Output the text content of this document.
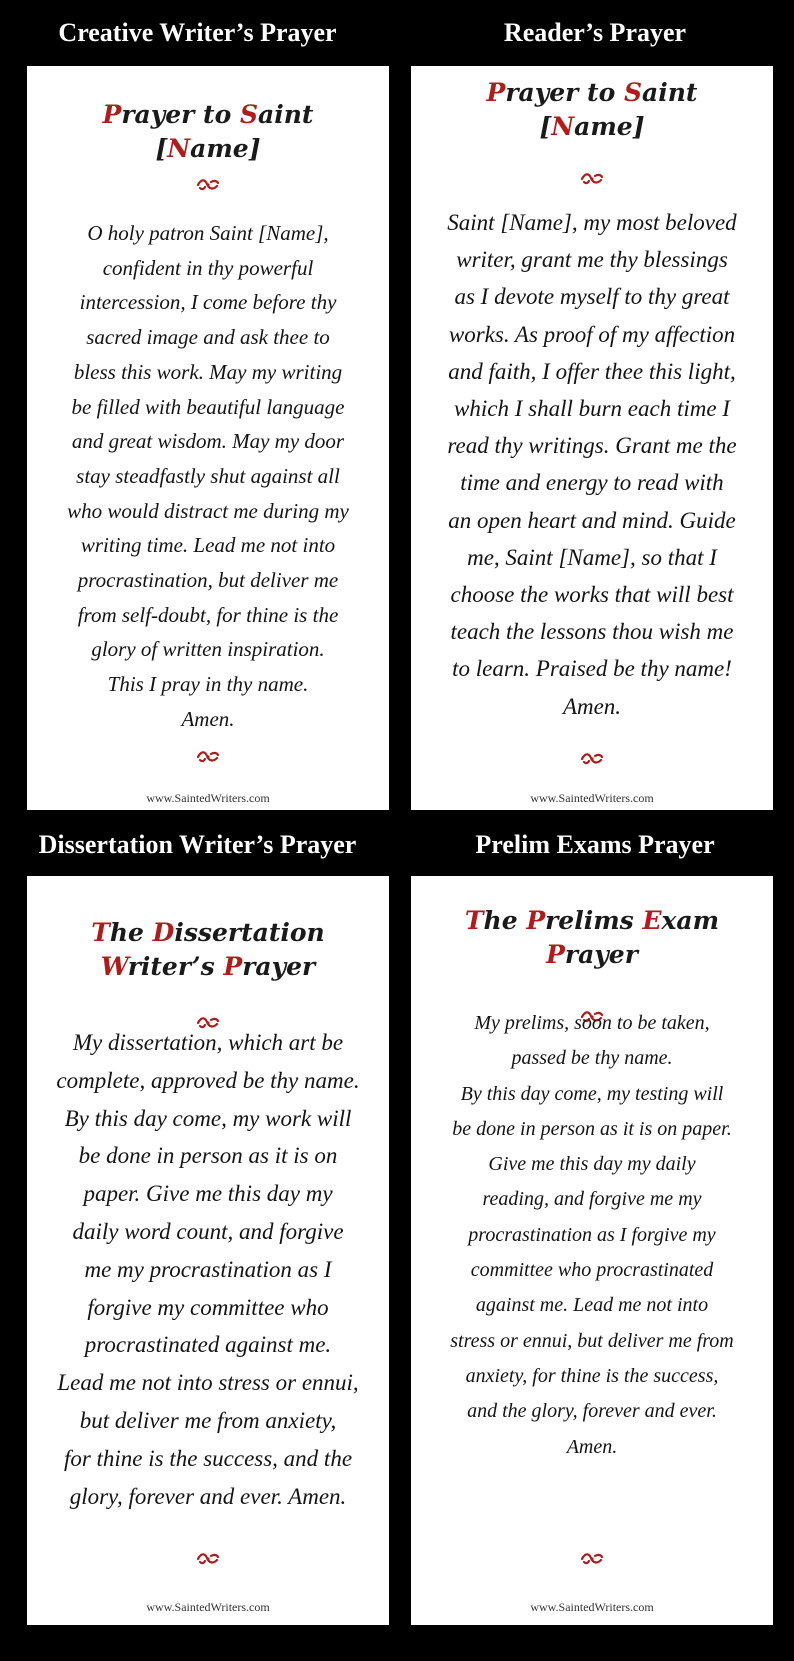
Creative Writer’s Prayer	Reader’s Prayer
Dissertation Writer’s Prayer	Prelim Exams Prayer
Prayer to Saint
[Name]
O holy patron Saint [Name],
confident in thy powerful
intercession, I come before thy
sacred image and ask thee to
bless this work. May my writing
be filled with beautiful language
and great wisdom. May my door
stay steadfastly shut against all
who would distract me during my
writing time. Lead me not into
procrastination, but deliver me
from self-doubt, for thine is the
glory of written inspiration.
This I pray in thy name.
Amen.
www.SaintedWriters.com
Prayer to Saint
[Name]
Saint [Name], my most beloved
writer, grant me thy blessings
as I devote myself to thy great
works. As proof of my affection
and faith, I offer thee this light,
which I shall burn each time I
read thy writings. Grant me the
time and energy to read with
an open heart and mind. Guide
me, Saint [Name], so that I
choose the works that will best
teach the lessons thou wish me
to learn. Praised be thy name!
Amen.
www.SaintedWriters.com
The Dissertation
Writer’s Prayer
My dissertation, which art be
complete, approved be thy name.
By this day come, my work will
be done in person as it is on
paper. Give me this day my
daily word count, and forgive
me my procrastination as I
forgive my committee who
procrastinated against me.
Lead me not into stress or ennui,
but deliver me from anxiety,
for thine is the success, and the
glory, forever and ever. Amen.
www.SaintedWriters.com
The Prelims Exam
Prayer
My prelims, soon to be taken,
passed be thy name.
By this day come, my testing will
be done in person as it is on paper.
Give me this day my daily
reading, and forgive me my
procrastination as I forgive my
committee who procrastinated
against me. Lead me not into
stress or ennui, but deliver me from
anxiety, for thine is the success,
and the glory, forever and ever.
Amen.
www.SaintedWriters.com
